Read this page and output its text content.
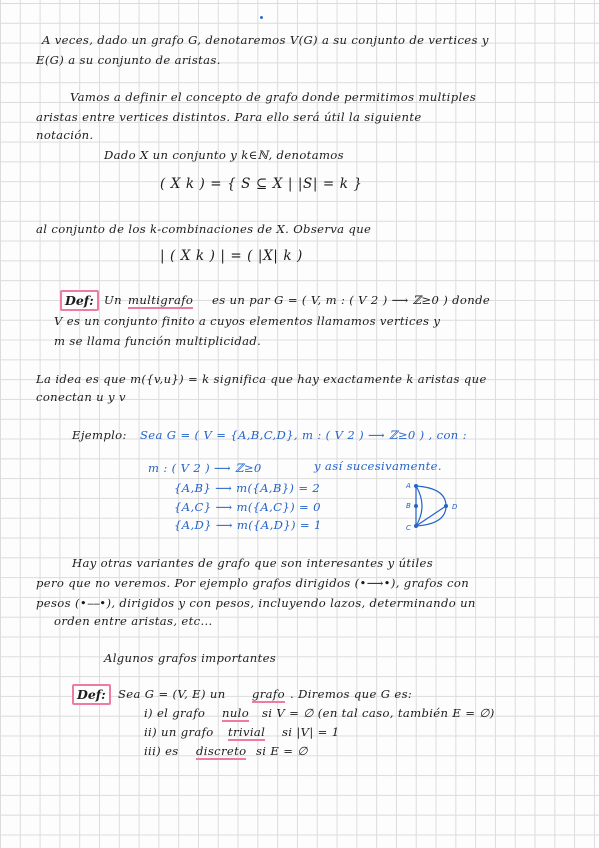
A veces, dado un grafo G, denotaremos V(G) a su conjunto de vertices y
E(G) a su conjunto de aristas.
Vamos a definir el concepto de grafo donde permitimos multiples
aristas entre vertices distintos. Para ello será útil la siguiente
notación.
Dado X un conjunto y k∈ℕ, denotamos
( X k ) = { S ⊆ X | |S| = k }
al conjunto de los k-combinaciones de X. Observa que
| ( X k ) | = ( |X| k )
Def: Un multigrafo es un par G = ( V, m : ( V 2 ) ⟶ ℤ≥0 ) donde
V es un conjunto finito a cuyos elementos llamamos vertices y
m se llama función multiplicidad.
La idea es que m({v,u}) = k significa que hay exactamente k aristas que
conectan u y v
Ejemplo: Sea G = ( V = {A,B,C,D}, m : ( V 2 ) ⟶ ℤ≥0 ) , con :
m : ( V 2 ) ⟶ ℤ≥0
{A,B} ⟶ m({A,B}) = 2
{A,C} ⟶ m({A,C}) = 0
{A,D} ⟶ m({A,D}) = 1
y así sucesivamente.
A
B
C
D
Hay otras variantes de grafo que son interesantes y útiles
pero que no veremos. Por ejemplo grafos dirigidos (•⟶•), grafos con
pesos (•⎯⎯•), dirigidos y con pesos, incluyendo lazos, determinando un
orden entre aristas, etc...
Algunos grafos importantes
Def:	Sea G = (V, E) un grafo . Diremos que G es:
i) el grafo nulo si V = ∅ (en tal caso, también E = ∅)
ii) un grafo trivial si |V| = 1
iii) es discreto si E = ∅
